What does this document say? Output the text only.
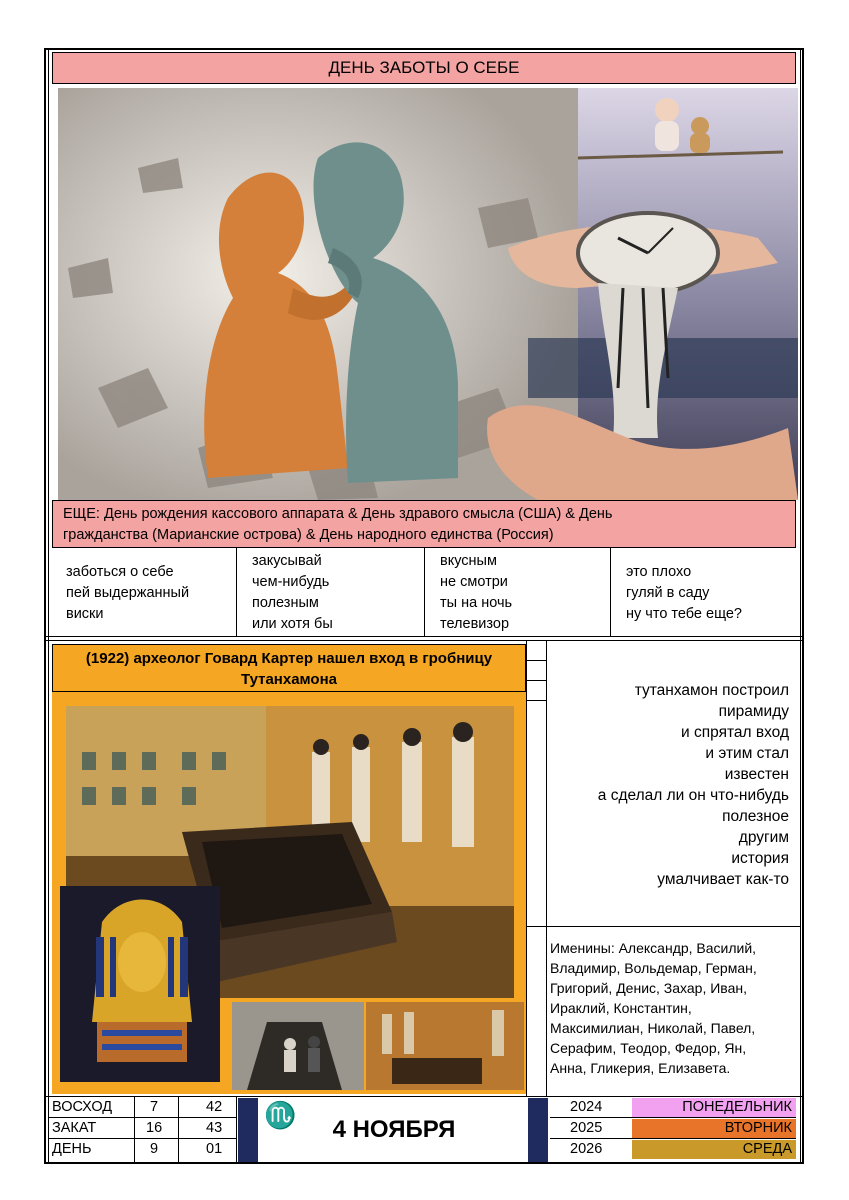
ДЕНЬ ЗАБОТЫ О СЕБЕ
ЕЩЕ: День рождения кассового аппарата & День здравого смысла (США) & День
гражданства (Марианские острова) & День народного единства (Россия)
заботься о себе
пей выдержанный
виски
закусывай
чем-нибудь
полезным
или хотя бы
вкусным
не смотри
ты на ночь
телевизор
это плохо
гуляй в саду
ну что тебе еще?
(1922) археолог Говард Картер нашел вход в гробницу Тутанхамона
тутанхамон построил
пирамиду
и спрятал вход
и этим стал
известен
а сделал ли он что-нибудь
полезное
другим
история
умалчивает как-то
Именины: Александр, Василий,
Владимир, Вольдемар, Герман,
Григорий, Денис, Захар, Иван,
Ираклий, Константин,
Максимилиан, Николай, Павел,
Серафим, Теодор, Федор, Ян,
Анна, Гликерия, Елизавета.
ВОСХОД	7	42
ЗАКАТ	16	43
ДЕНЬ	9	01
♏	4 НОЯБРЯ
2024	ПОНЕДЕЛЬНИК
2025	ВТОРНИК
2026	СРЕДА
